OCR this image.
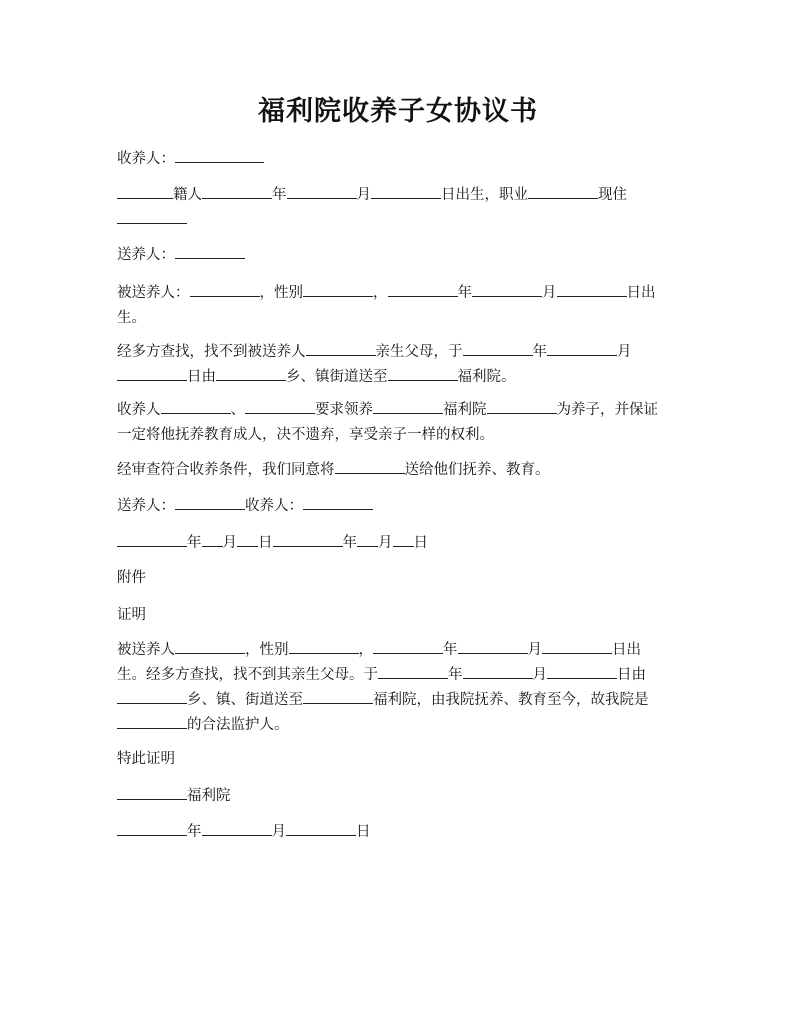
福利院收养子女协议书
收养人：
籍人	年	月	日出生，职业	现住
送养人：
被送养人：	，性别	，	年	月	日出
生。
经多方查找，找不到被送养人	亲生父母，于	年	月
日由	乡、镇街道送至	福利院。
收养人	、	要求领养	福利院	为养子，并保证
一定将他抚养教育成人，决不遗弃，享受亲子一样的权利。
经审查符合收养条件，我们同意将	送给他们抚养、教育。
送养人：	收养人：
年 月 日	年 月 日
附件
证明
被送养人	，性别	，	年	月	日出
生。经多方查找，找不到其亲生父母。于	年	月	日由
乡、镇、街道送至	福利院，由我院抚养、教育至今，故我院是
的合法监护人。
特此证明
福利院
年	月	日
